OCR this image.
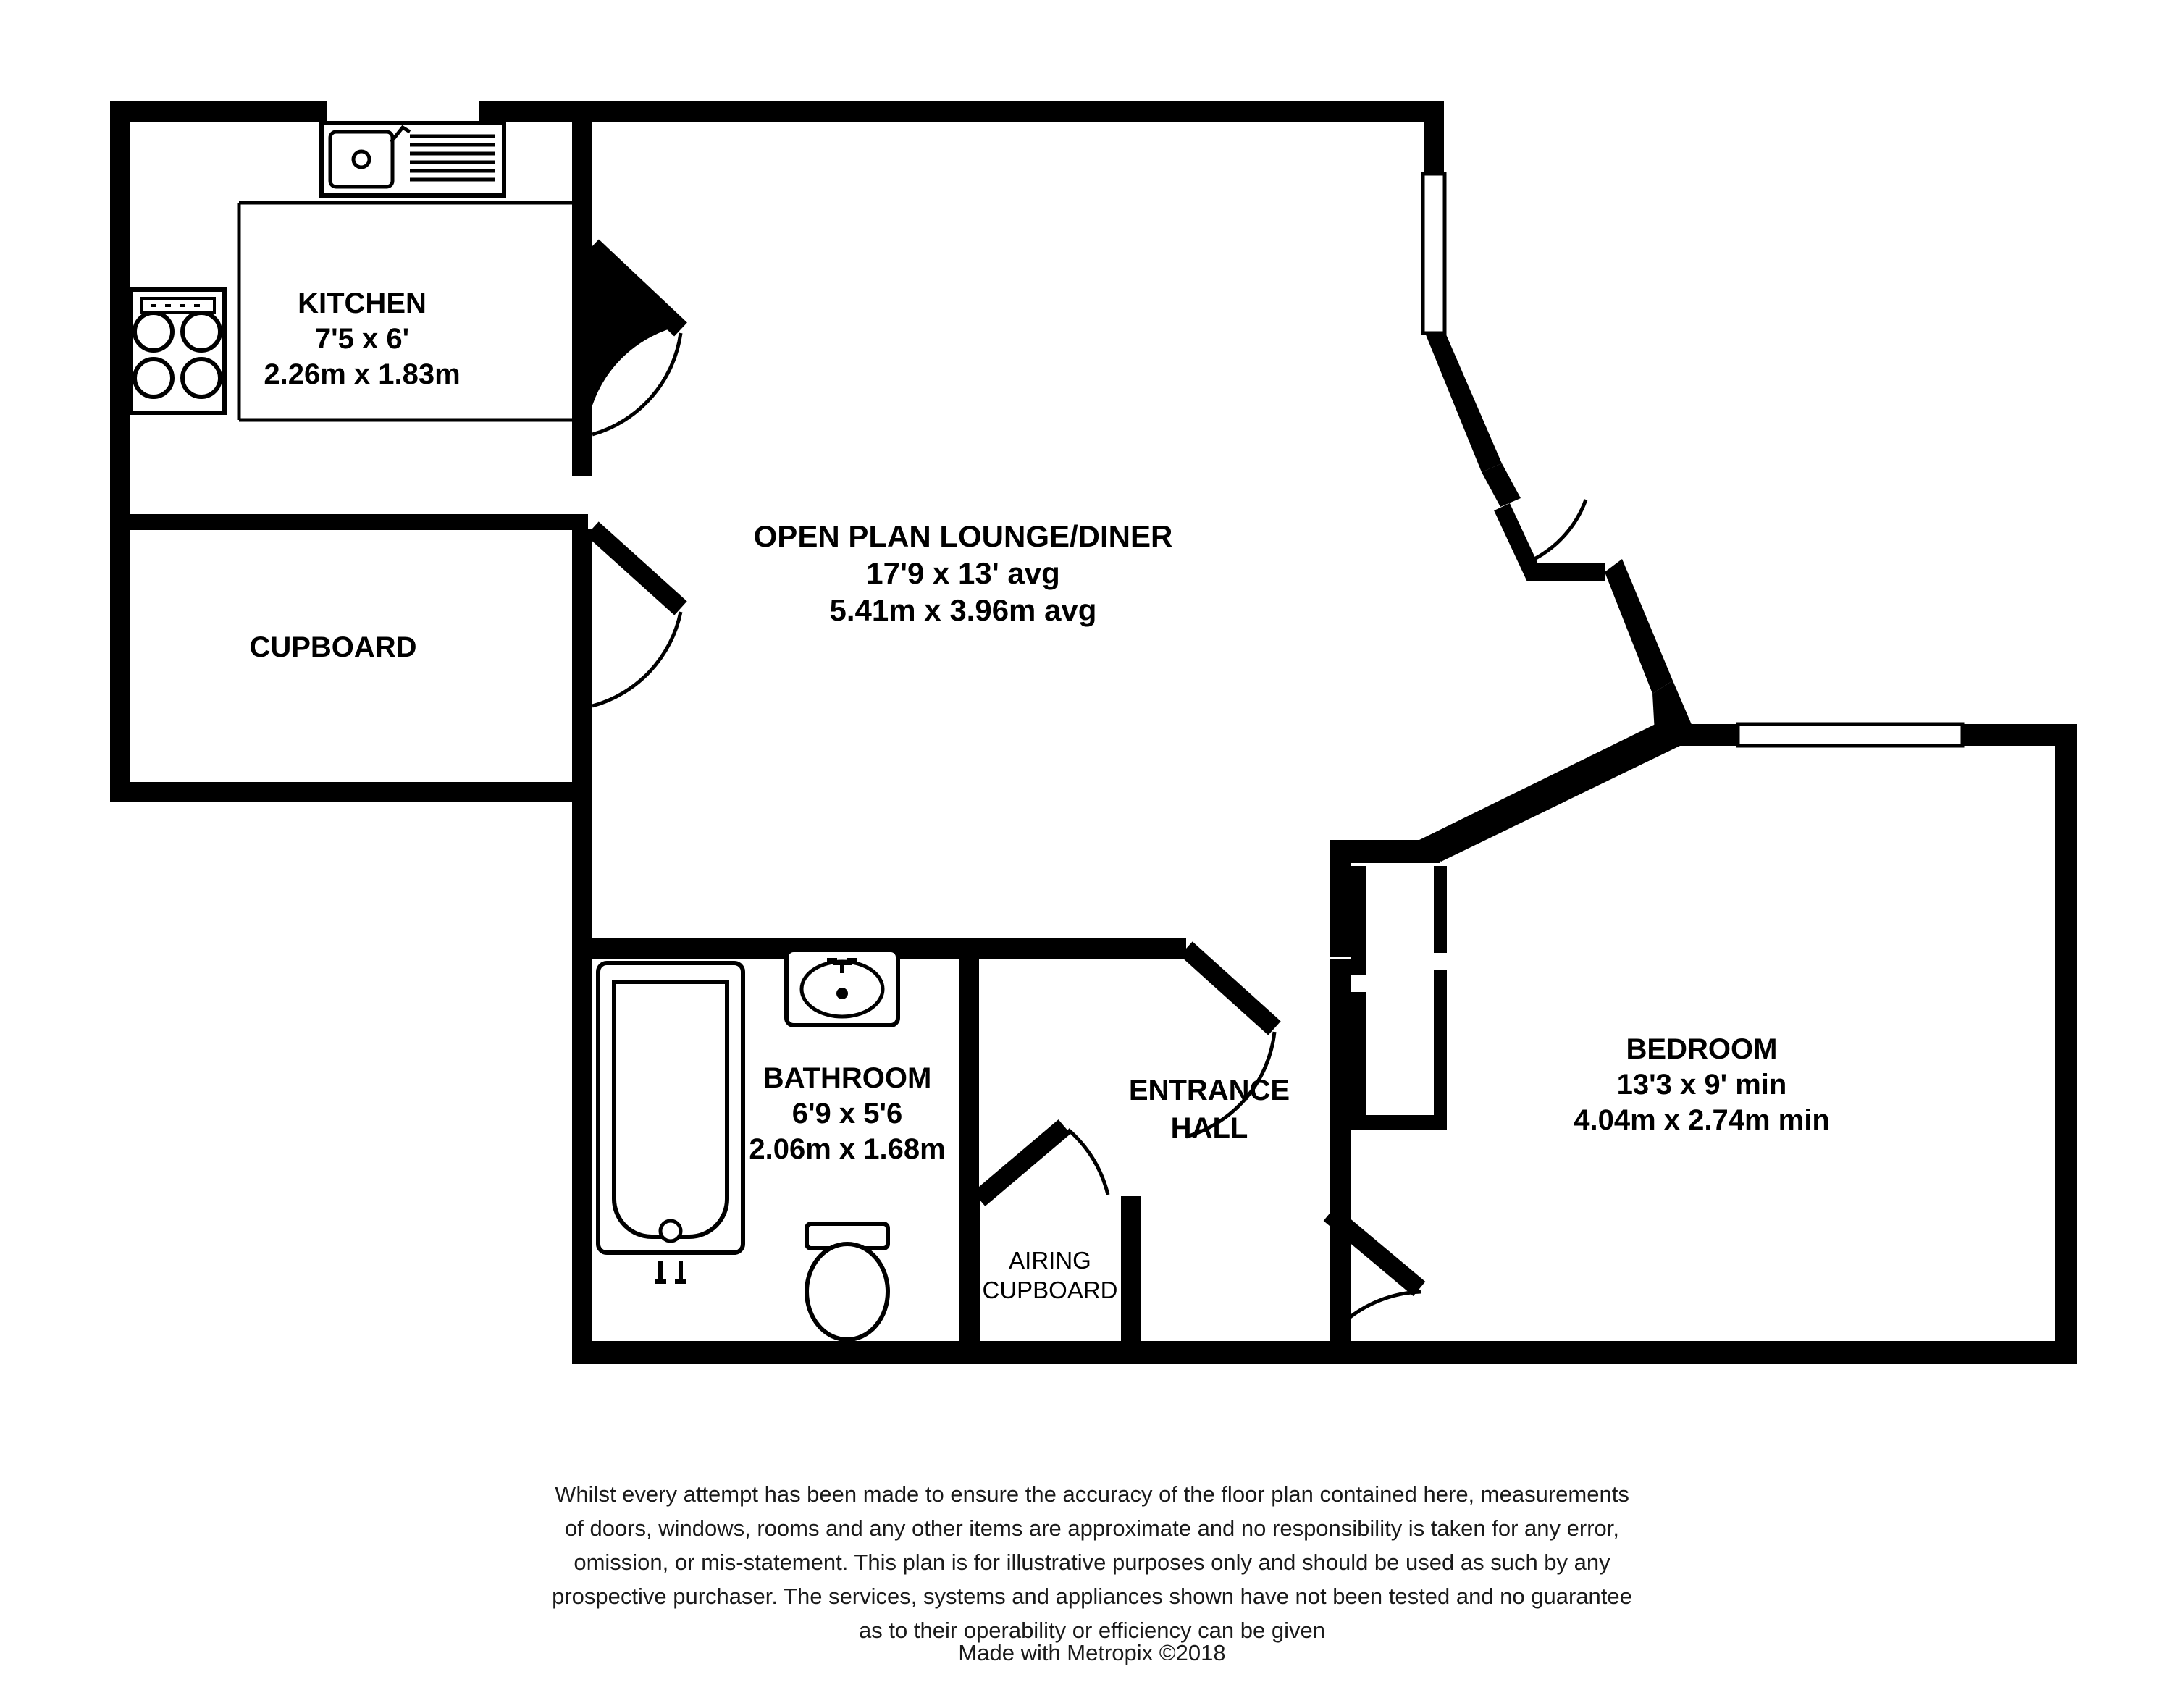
KITCHEN
7'5 x 6'
2.26m x 1.83m
CUPBOARD
OPEN PLAN LOUNGE/DINER
17'9 x 13' avg
5.41m x 3.96m avg
BATHROOM
6'9 x 5'6
2.06m x 1.68m
ENTRANCE
HALL
AIRING
CUPBOARD
BEDROOM
13'3 x 9' min
4.04m x 2.74m min
Whilst every attempt has been made to ensure the accuracy of the floor plan contained here, measurements
of doors, windows, rooms and any other items are approximate and no responsibility is taken for any error,
omission, or mis-statement. This plan is for illustrative purposes only and should be used as such by any
prospective purchaser. The services, systems and appliances shown have not been tested and no guarantee
as to their operability or efficiency can be given
Made with Metropix ©2018
